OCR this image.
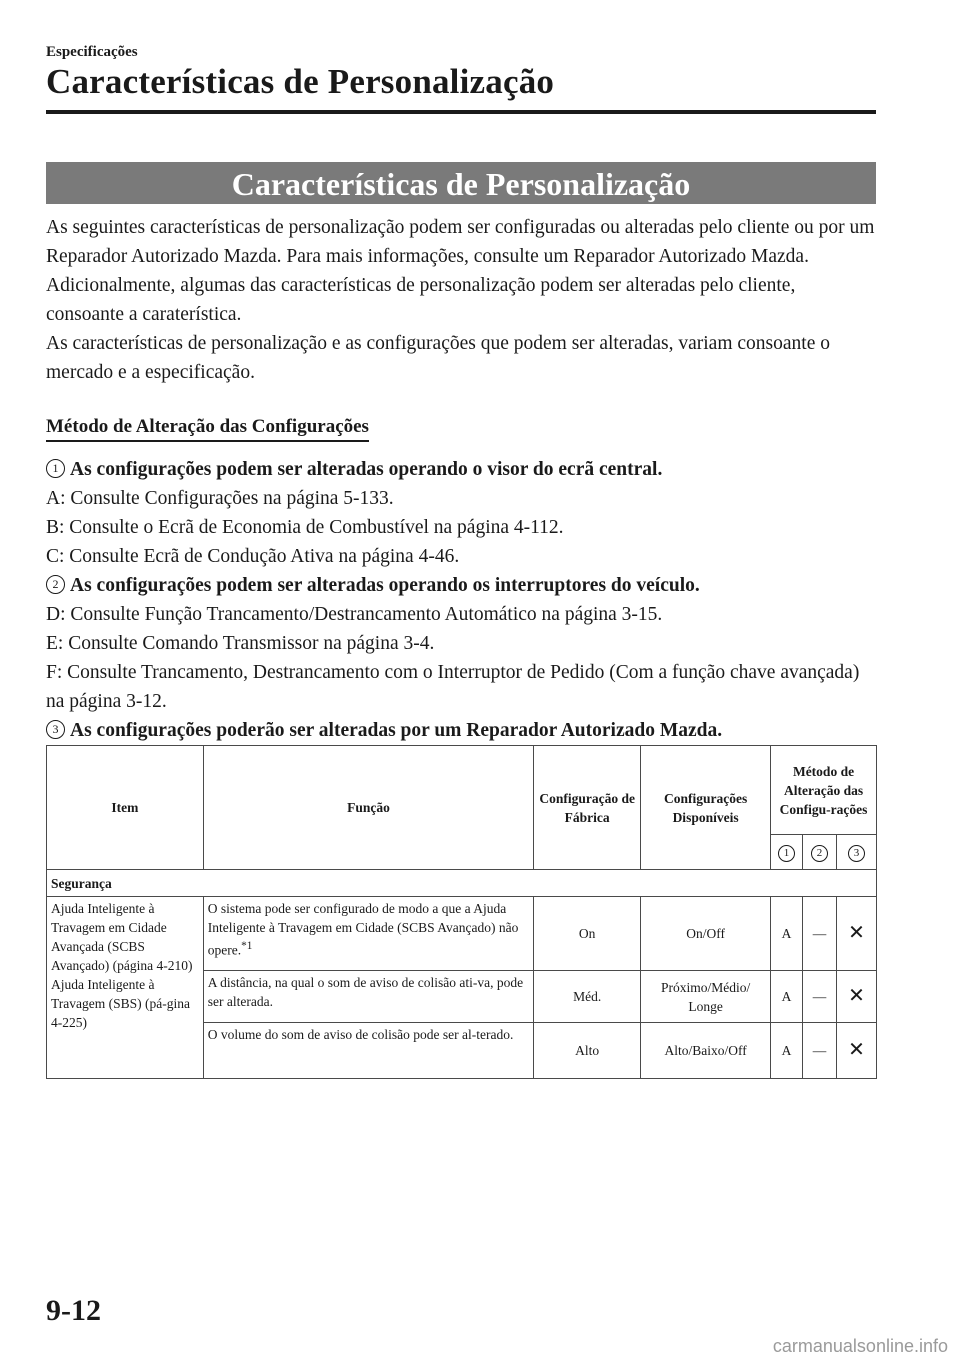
Especificações
Características de Personalização
Características de Personalização

As seguintes características de personalização podem ser configuradas ou alteradas pelo cliente ou por um Reparador Autorizado Mazda. Para mais informações, consulte um Reparador Autorizado Mazda.

Adicionalmente, algumas das características de personalização podem ser alteradas pelo cliente, consoante a caraterística.

As características de personalização e as configurações que podem ser alteradas, variam consoante o mercado e a especificação.

Método de Alteração das Configurações

1 As configurações podem ser alteradas operando o visor do ecrã central.

A: Consulte Configurações na página 5-133.

B: Consulte o Ecrã de Economia de Combustível na página 4-112.

C: Consulte Ecrã de Condução Ativa na página 4-46.

2 As configurações podem ser alteradas operando os interruptores do veículo.

D: Consulte Função Trancamento/Destrancamento Automático na página 3-15.

E: Consulte Comando Transmissor na página 3-4.

F: Consulte Trancamento, Destrancamento com o Interruptor de Pedido (Com a função chave avançada) na página 3-12.

3 As configurações poderão ser alteradas por um Reparador Autorizado Mazda.

Item	Função	Configuração de Fábrica	Configurações Disponíveis	Método de Alteração das Configu-rações		
				1	2	3
Segurança						
Ajuda Inteligente à Travagem em Cidade Avançada (SCBS Avançado) (página 4-210) Ajuda Inteligente à Travagem (SBS) (pá-gina 4-225)	O sistema pode ser configurado de modo a que a Ajuda Inteligente à Travagem em Cidade (SCBS Avançado) não opere.$^{*1}$	On	On/Off	A	—	✕
	A distância, na qual o som de aviso de colisão ati-va, pode ser alterada.	Méd.	Próximo/Médio/ Longe	A	—	✕
	O volume do som de aviso de colisão pode ser al-terado.	Alto	Alto/Baixo/Off	A	—	✕
9-12
carmanualsonline.info
